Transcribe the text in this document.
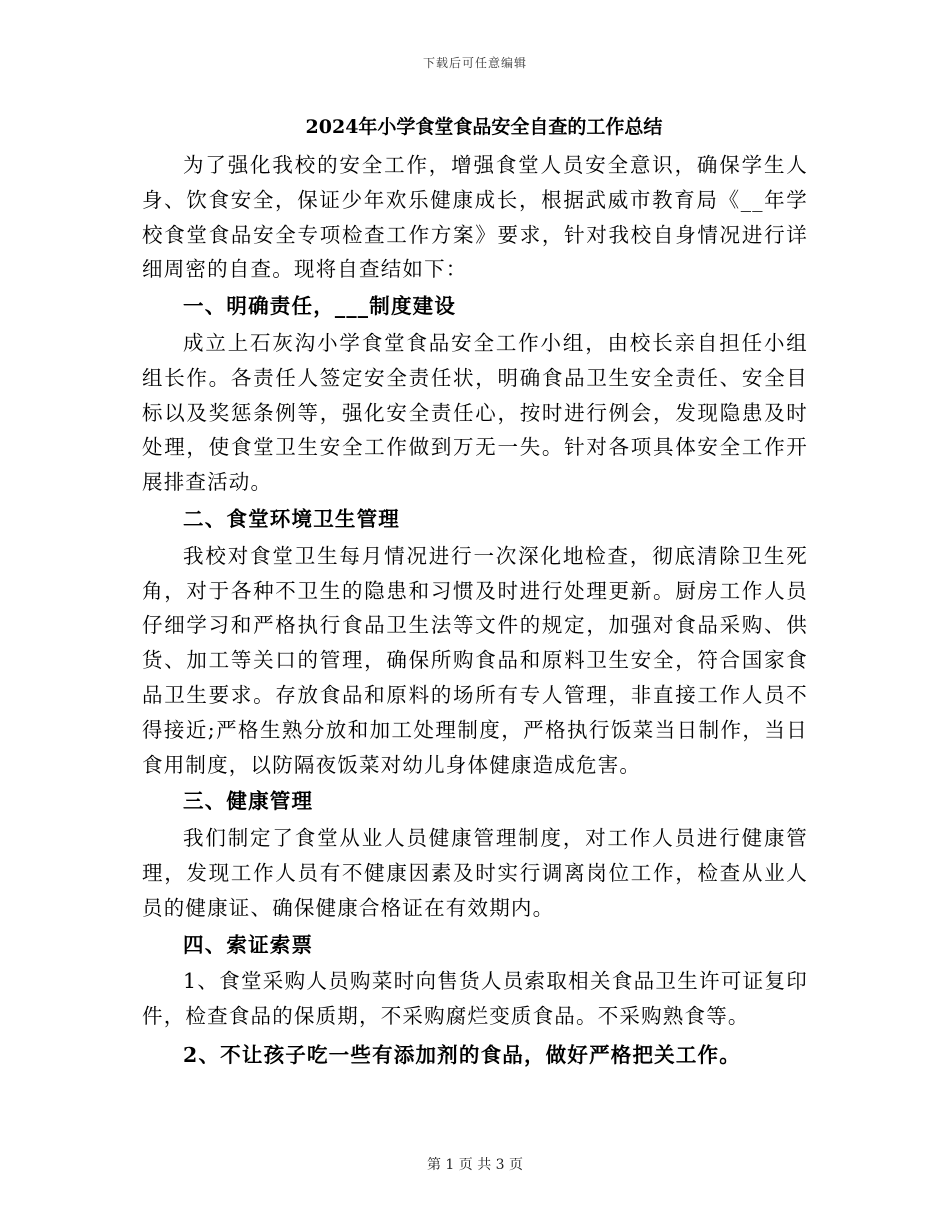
下载后可任意编辑
2024年小学食堂食品安全自查的工作总结

为了强化我校的安全工作，增强食堂人员安全意识，确保学生人身、饮食安全，保证少年欢乐健康成长，根据武威市教育局《__年学校食堂食品安全专项检查工作方案》要求，针对我校自身情况进行详细周密的自查。现将自查结如下：

一、明确责任，___制度建设

成立上石灰沟小学食堂食品安全工作小组，由校长亲自担任小组组长作。各责任人签定安全责任状，明确食品卫生安全责任、安全目标以及奖惩条例等，强化安全责任心，按时进行例会，发现隐患及时处理，使食堂卫生安全工作做到万无一失。针对各项具体安全工作开展排查活动。

二、食堂环境卫生管理

我校对食堂卫生每月情况进行一次深化地检查，彻底清除卫生死角，对于各种不卫生的隐患和习惯及时进行处理更新。厨房工作人员仔细学习和严格执行食品卫生法等文件的规定，加强对食品采购、供货、加工等关口的管理，确保所购食品和原料卫生安全，符合国家食品卫生要求。存放食品和原料的场所有专人管理，非直接工作人员不得接近;严格生熟分放和加工处理制度，严格执行饭菜当日制作，当日食用制度，以防隔夜饭菜对幼儿身体健康造成危害。

三、健康管理

我们制定了食堂从业人员健康管理制度，对工作人员进行健康管理，发现工作人员有不健康因素及时实行调离岗位工作，检查从业人员的健康证、确保健康合格证在有效期内。

四、索证索票

1、食堂采购人员购菜时向售货人员索取相关食品卫生许可证复印件，检查食品的保质期，不采购腐烂变质食品。不采购熟食等。

2、不让孩子吃一些有添加剂的食品，做好严格把关工作。

第 1 页 共 3 页
